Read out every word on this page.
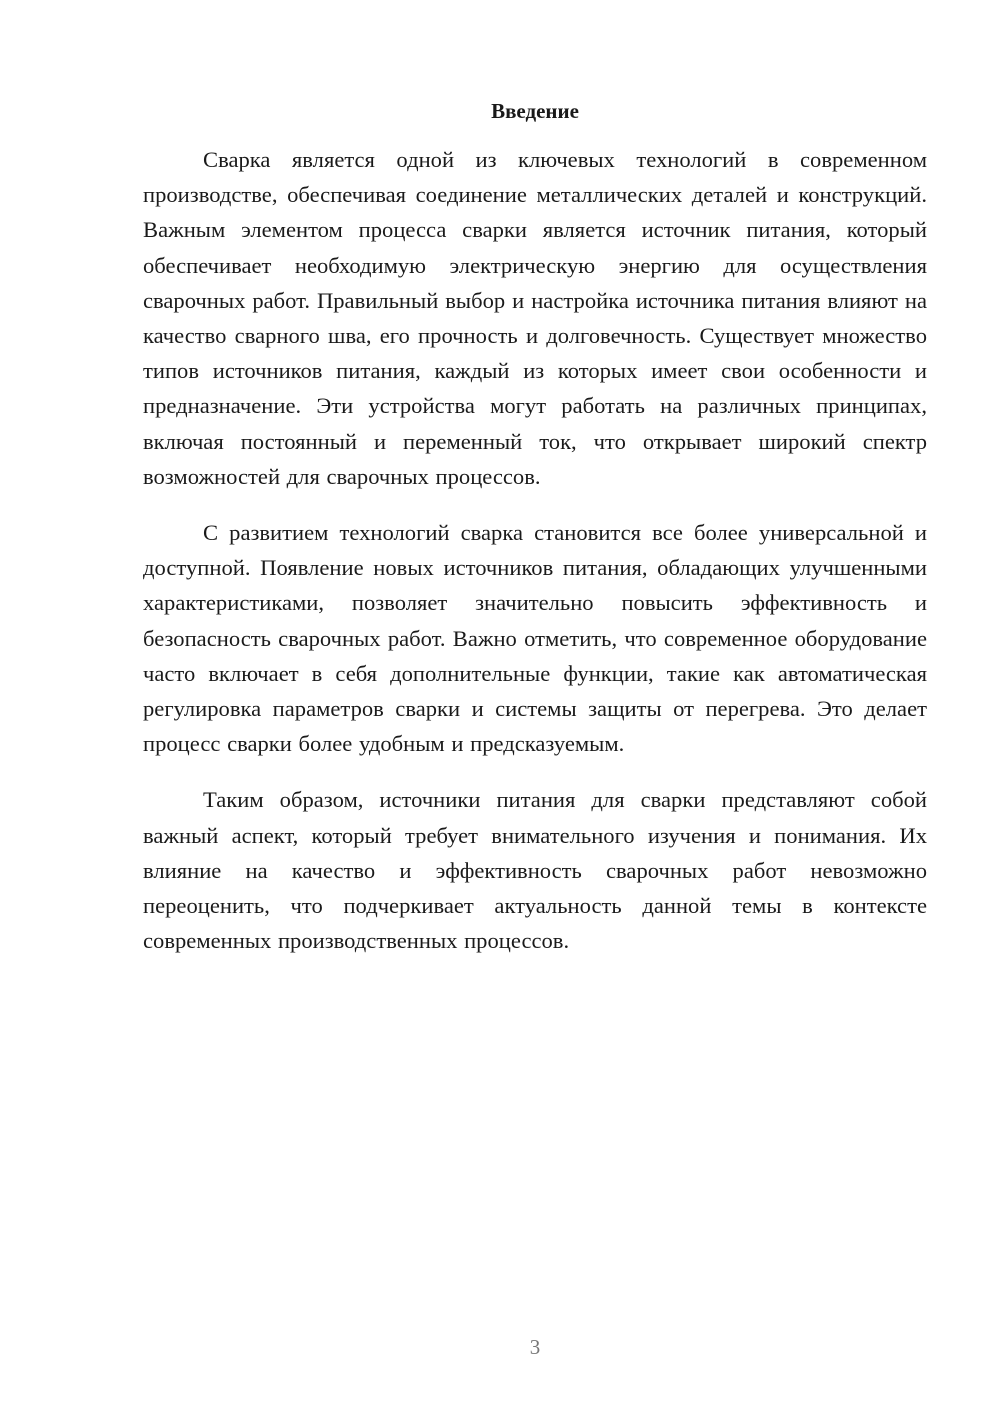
Введение

Сварка является одной из ключевых технологий в современном производстве, обеспечивая соединение металлических деталей и конструкций. Важным элементом процесса сварки является источник питания, который обеспечивает необходимую электрическую энергию для осуществления сварочных работ. Правильный выбор и настройка источника питания влияют на качество сварного шва, его прочность и долговечность. Существует множество типов источников питания, каждый из которых имеет свои особенности и предназначение. Эти устройства могут работать на различных принципах, включая постоянный и переменный ток, что открывает широкий спектр возможностей для сварочных процессов.

С развитием технологий сварка становится все более универсальной и доступной. Появление новых источников питания, обладающих улучшенными характеристиками, позволяет значительно повысить эффективность и безопасность сварочных работ. Важно отметить, что современное оборудование часто включает в себя дополнительные функции, такие как автоматическая регулировка параметров сварки и системы защиты от перегрева. Это делает процесс сварки более удобным и предсказуемым.

Таким образом, источники питания для сварки представляют собой важный аспект, который требует внимательного изучения и понимания. Их влияние на качество и эффективность сварочных работ невозможно переоценить, что подчеркивает актуальность данной темы в контексте современных производственных процессов.

3
